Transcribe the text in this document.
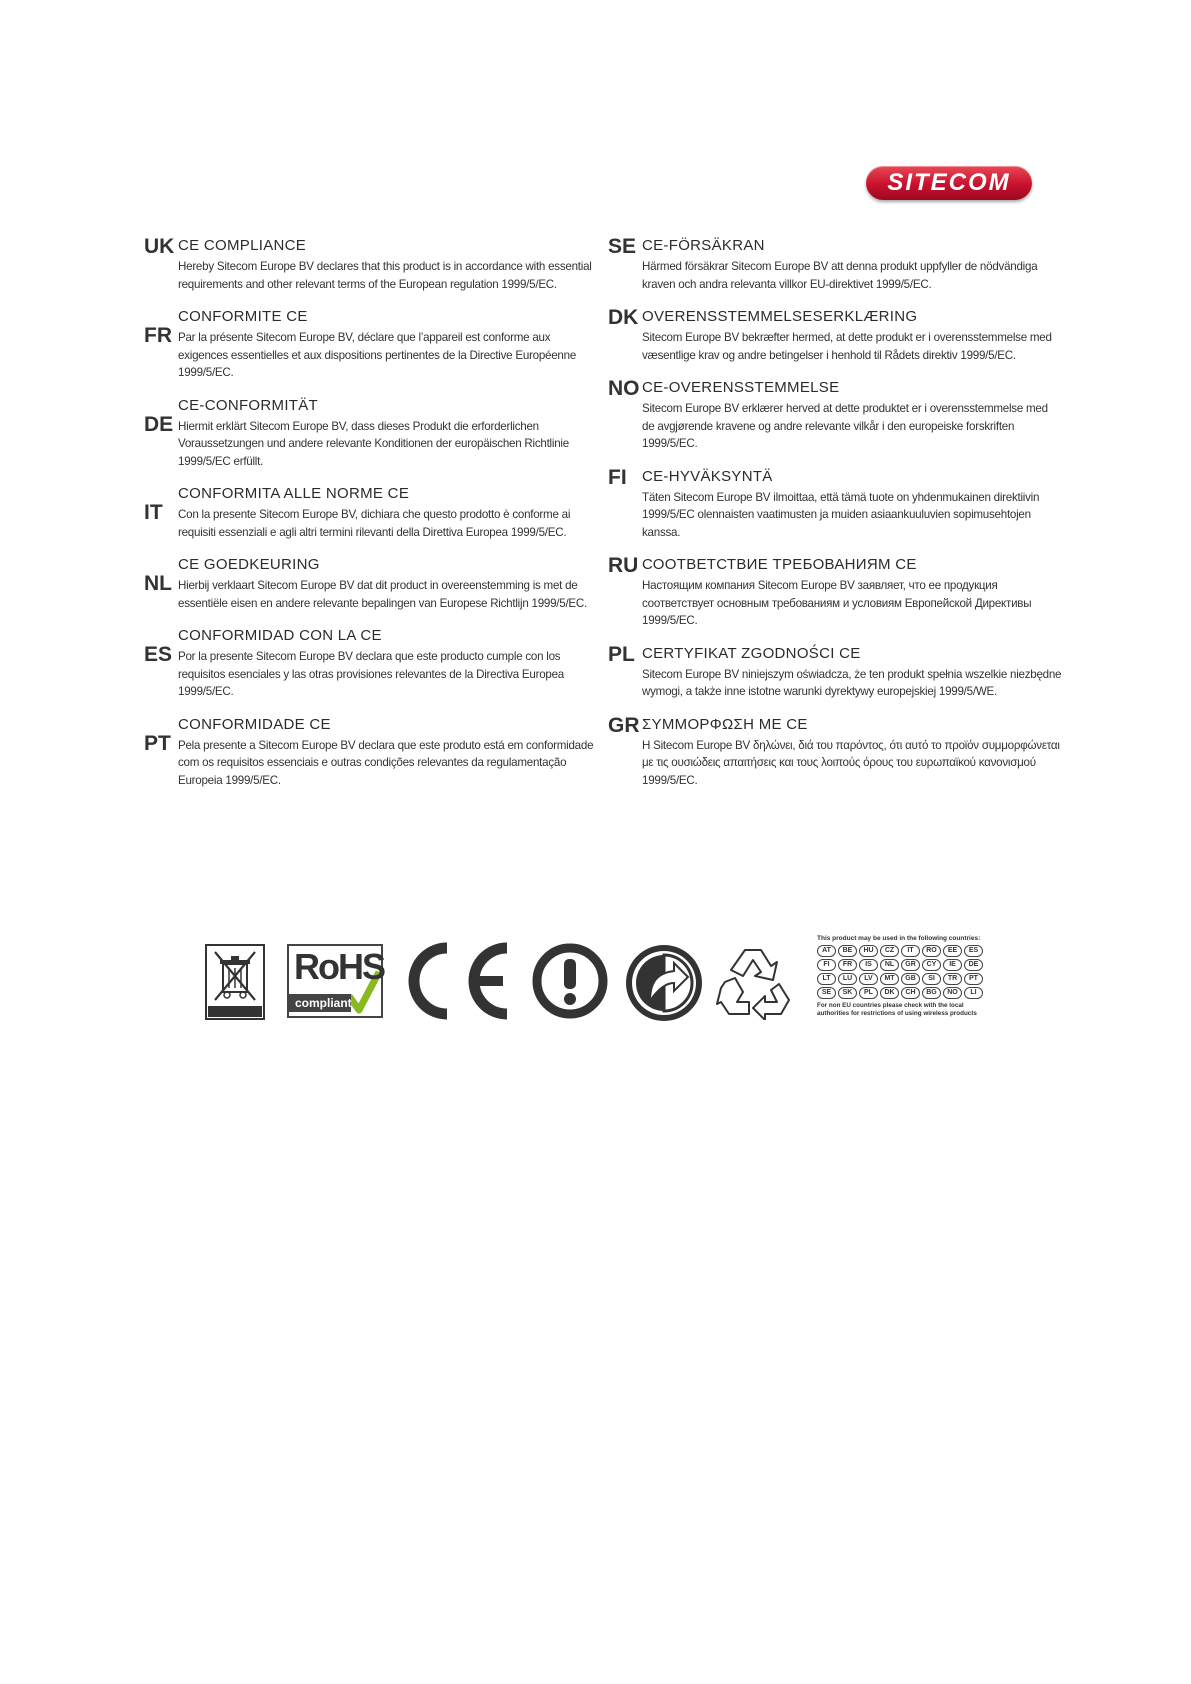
SITECOM
UK CE COMPLIANCE
Hereby Sitecom Europe BV declares that this product is in accordance with essential requirements and other relevant terms of the European regulation 1999/5/EC.
FR
CONFORMITE CE
Par la présente Sitecom Europe BV, déclare que l’appareil est conforme aux exigences essentielles et aux dispositions pertinentes de la Directive Européenne 1999/5/EC.
DE
CE-CONFORMITÄT
Hiermit erklärt Sitecom Europe BV, dass dieses Produkt die erforderlichen Voraussetzungen und andere relevante Konditionen der europäischen Richtlinie 1999/5/EC erfüllt.
IT
CONFORMITA ALLE NORME CE
Con la presente Sitecom Europe BV, dichiara che questo prodotto è conforme ai requisiti essenziali e agli altri termini rilevanti della Direttiva Europea 1999/5/EC.
NL
CE GOEDKEURING
Hierbij verklaart Sitecom Europe BV dat dit product in overeenstemming is met de essentiële eisen en andere relevante bepalingen van Europese Richtlijn 1999/5/EC.
ES
CONFORMIDAD CON LA CE
Por la presente Sitecom Europe BV declara que este producto cumple con los requisitos esenciales y las otras provisiones relevantes de la Directiva Europea 1999/5/EC.
PT
CONFORMIDADE CE
Pela presente a Sitecom Europe BV declara que este produto está em conformidade com os requisitos essenciais e outras condições relevantes da regulamentação Europeia 1999/5/EC.
SE CE-FÖRSÄKRAN
Härmed försäkrar Sitecom Europe BV att denna produkt uppfyller de nödvändiga kraven och andra relevanta villkor EU-direktivet 1999/5/EC.
DK OVERENSSTEMMELSESERKLÆRING
Sitecom Europe BV bekræfter hermed, at dette produkt er i overensstemmelse med væsentlige krav og andre betingelser i henhold til Rådets direktiv 1999/5/EC.
NO CE-OVERENSSTEMMELSE
Sitecom Europe BV erklærer herved at dette produktet er i overensstemmelse med de avgjørende kravene og andre relevante vilkår i den europeiske forskriften 1999/5/EC.
FI CE-HYVÄKSYNTÄ
Täten Sitecom Europe BV ilmoittaa, että tämä tuote on yhdenmukainen direktiivin 1999/5/EC olennaisten vaatimusten ja muiden asiaankuuluvien sopimusehtojen kanssa.
RU СООТВЕТСТВИЕ ТРЕБОВАНИЯМ CE
Настоящим компания Sitecom Europe BV заявляет, что ее продукция соответствует основным требованиям и условиям Европейской Директивы 1999/5/EC.
PL CERTYFIKAT ZGODNOŚCI CE
Sitecom Europe BV niniejszym oświadcza, że ten produkt spełnia wszelkie niezbędne wymogi, a także inne istotne warunki dyrektywy europejskiej 1999/5/WE.
GR ΣΥΜΜΟΡΦΩΣΗ ΜΕ CE
Η Sitecom Europe BV δηλώνει, διά του παρόντος, ότι αυτό το προϊόν συμμορφώνεται με τις ουσιώδεις απαιτήσεις και τους λοιπούς όρους του ευρωπαϊκού κανονισμού 1999/5/EC.
RoHS
compliant
This product may be used in the following countries:
AT	BE	HU	CZ	IT	RO	EE	ES
FI	FR	IS	NL	GR	CY	IE	DE
LT	LU	LV	MT	GB	SI	TR	PT
SE	SK	PL	DK	CH	BG	NO	LI
For non EU countries please check with the local authorities for restrictions of using wireless products
